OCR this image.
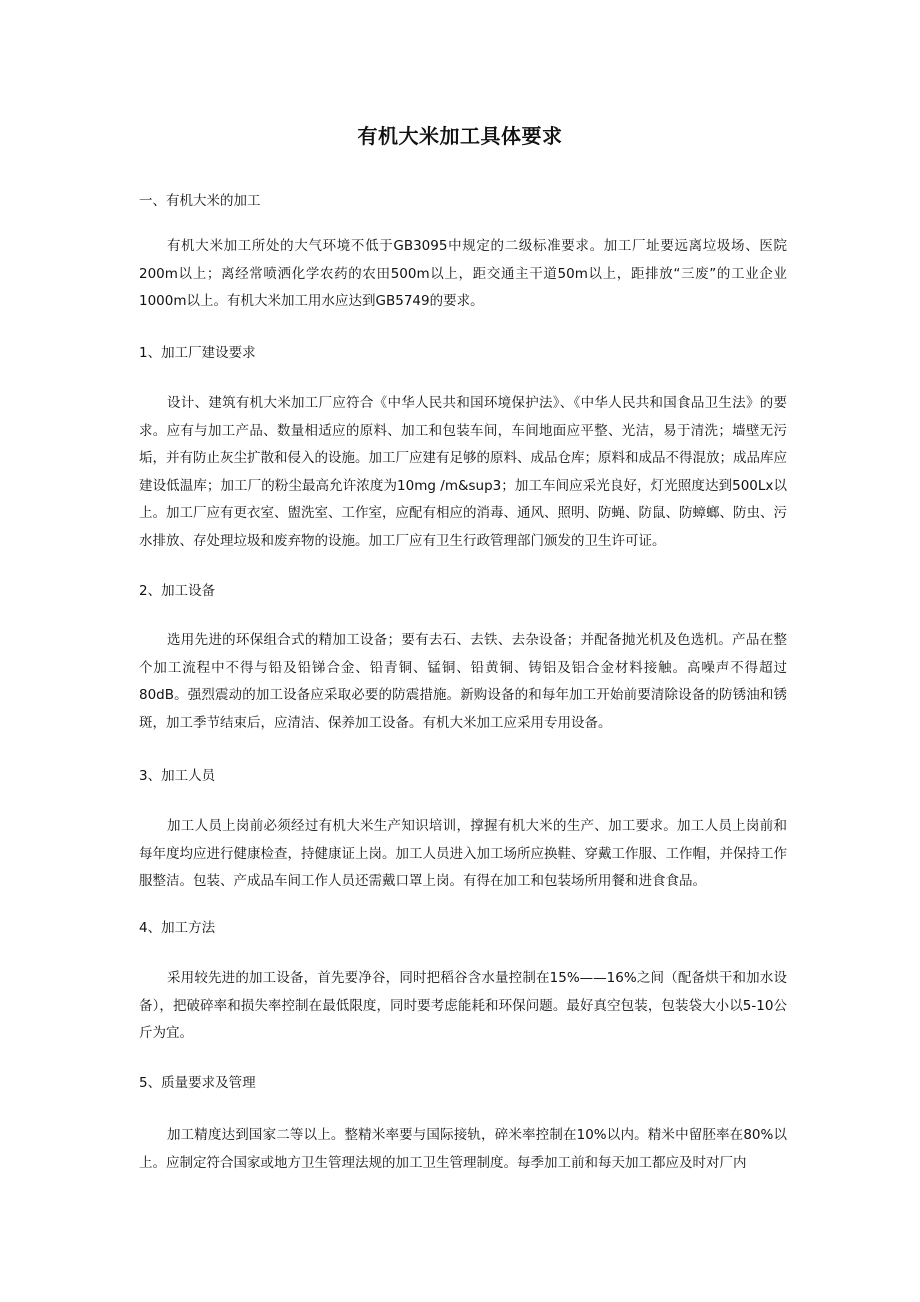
有机大米加工具体要求
一、有机大米的加工
有机大米加工所处的大气环境不低于GB3095中规定的二级标准要求。加工厂址要远离垃圾场、医院200m以上；离经常喷洒化学农药的农田500m以上，距交通主干道50m以上，距排放“三废”的工业企业1000m以上。有机大米加工用水应达到GB5749的要求。
1、加工厂建设要求
设计、建筑有机大米加工厂应符合《中华人民共和国环境保护法》、《中华人民共和国食品卫生法》的要求。应有与加工产品、数量相适应的原料、加工和包装车间，车间地面应平整、光洁，易于清洗；墙壁无污垢，并有防止灰尘扩散和侵入的设施。加工厂应建有足够的原料、成品仓库；原料和成品不得混放；成品库应建设低温库；加工厂的粉尘最高允许浓度为10mg /m&sup3；加工车间应采光良好，灯光照度达到500Lx以上。加工厂应有更衣室、盥洗室、工作室，应配有相应的消毒、通风、照明、防蝇、防鼠、防蟑螂、防虫、污水排放、存处理垃圾和废弃物的设施。加工厂应有卫生行政管理部门颁发的卫生许可证。
2、加工设备
选用先进的环保组合式的精加工设备；要有去石、去铁、去杂设备；并配备抛光机及色选机。产品在整个加工流程中不得与铅及铅锑合金、铅青铜、锰铜、铅黄铜、铸铝及铝合金材料接触。高噪声不得超过80dB。强烈震动的加工设备应采取必要的防震措施。新购设备的和每年加工开始前要清除设备的防锈油和锈斑，加工季节结束后，应清洁、保养加工设备。有机大米加工应采用专用设备。
3、加工人员
加工人员上岗前必须经过有机大米生产知识培训，撑握有机大米的生产、加工要求。加工人员上岗前和每年度均应进行健康检查，持健康证上岗。加工人员进入加工场所应换鞋、穿戴工作服、工作帽，并保持工作服整洁。包装、产成品车间工作人员还需戴口罩上岗。有得在加工和包装场所用餐和进食食品。
4、加工方法
采用较先进的加工设备，首先要净谷，同时把稻谷含水量控制在15%——16%之间（配备烘干和加水设备），把破碎率和损失率控制在最低限度，同时要考虑能耗和环保问题。最好真空包装，包装袋大小以5-10公斤为宜。
5、质量要求及管理
加工精度达到国家二等以上。整精米率要与国际接轨，碎米率控制在10%以内。精米中留胚率在80%以上。应制定符合国家或地方卫生管理法规的加工卫生管理制度。每季加工前和每天加工都应及时对厂内
